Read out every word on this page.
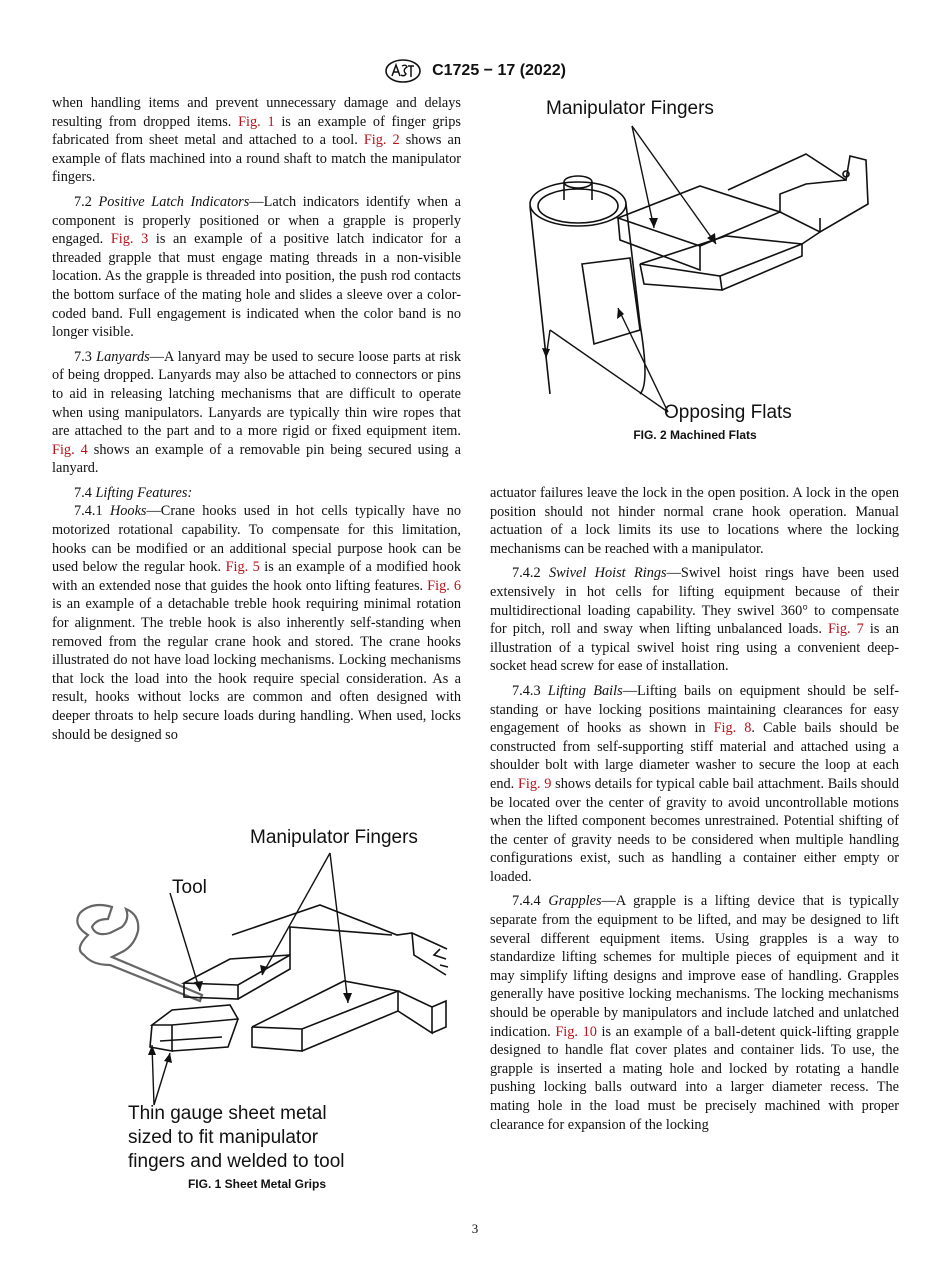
C1725 − 17 (2022)

when handling items and prevent unnecessary damage and delays resulting from dropped items. Fig. 1 is an example of finger grips fabricated from sheet metal and attached to a tool. Fig. 2 shows an example of flats machined into a round shaft to match the manipulator fingers.

7.2 Positive Latch Indicators—Latch indicators identify when a component is properly positioned or when a grapple is properly engaged. Fig. 3 is an example of a positive latch indicator for a threaded grapple that must engage mating threads in a non-visible location. As the grapple is threaded into position, the push rod contacts the bottom surface of the mating hole and slides a sleeve over a color-coded band. Full engagement is indicated when the color band is no longer visible.

7.3 Lanyards—A lanyard may be used to secure loose parts at risk of being dropped. Lanyards may also be attached to connectors or pins to aid in releasing latching mechanisms that are difficult to operate when using manipulators. Lanyards are typically thin wire ropes that are attached to the part and to a more rigid or fixed equipment item. Fig. 4 shows an example of a removable pin being secured using a lanyard.

7.4 Lifting Features:

7.4.1 Hooks—Crane hooks used in hot cells typically have no motorized rotational capability. To compensate for this limitation, hooks can be modified or an additional special purpose hook can be used below the regular hook. Fig. 5 is an example of a modified hook with an extended nose that guides the hook onto lifting features. Fig. 6 is an example of a detachable treble hook requiring minimal rotation for alignment. The treble hook is also inherently self-standing when removed from the regular crane hook and stored. The crane hooks illustrated do not have load locking mechanisms. Locking mechanisms that lock the load into the hook require special consideration. As a result, hooks without locks are common and often designed with deeper throats to help secure loads during handling. When used, locks should be designed so

Manipulator Fingers
Tool
Thin gauge sheet metal
sized to fit manipulator
fingers and welded to tool
FIG. 1 Sheet Metal Grips
Manipulator Fingers
Opposing Flats
FIG. 2 Machined Flats

actuator failures leave the lock in the open position. A lock in the open position should not hinder normal crane hook operation. Manual actuation of a lock limits its use to locations where the locking mechanisms can be reached with a manipulator.

7.4.2 Swivel Hoist Rings—Swivel hoist rings have been used extensively in hot cells for lifting equipment because of their multidirectional loading capability. They swivel 360° to compensate for pitch, roll and sway when lifting unbalanced loads. Fig. 7 is an illustration of a typical swivel hoist ring using a convenient deep-socket head screw for ease of installation.

7.4.3 Lifting Bails—Lifting bails on equipment should be self-standing or have locking positions maintaining clearances for easy engagement of hooks as shown in Fig. 8. Cable bails should be constructed from self-supporting stiff material and attached using a shoulder bolt with large diameter washer to secure the loop at each end. Fig. 9 shows details for typical cable bail attachment. Bails should be located over the center of gravity to avoid uncontrollable motions when the lifted component becomes unrestrained. Potential shifting of the center of gravity needs to be considered when multiple handling configurations exist, such as handling a container either empty or loaded.

7.4.4 Grapples—A grapple is a lifting device that is typically separate from the equipment to be lifted, and may be designed to lift several different equipment items. Using grapples is a way to standardize lifting schemes for multiple pieces of equipment and it may simplify lifting designs and improve ease of handling. Grapples generally have positive locking mechanisms. The locking mechanisms should be operable by manipulators and include latched and unlatched indication. Fig. 10 is an example of a ball-detent quick-lifting grapple designed to handle flat cover plates and container lids. To use, the grapple is inserted a mating hole and locked by rotating a handle pushing locking balls outward into a larger diameter recess. The mating hole in the load must be precisely machined with proper clearance for expansion of the locking

3
